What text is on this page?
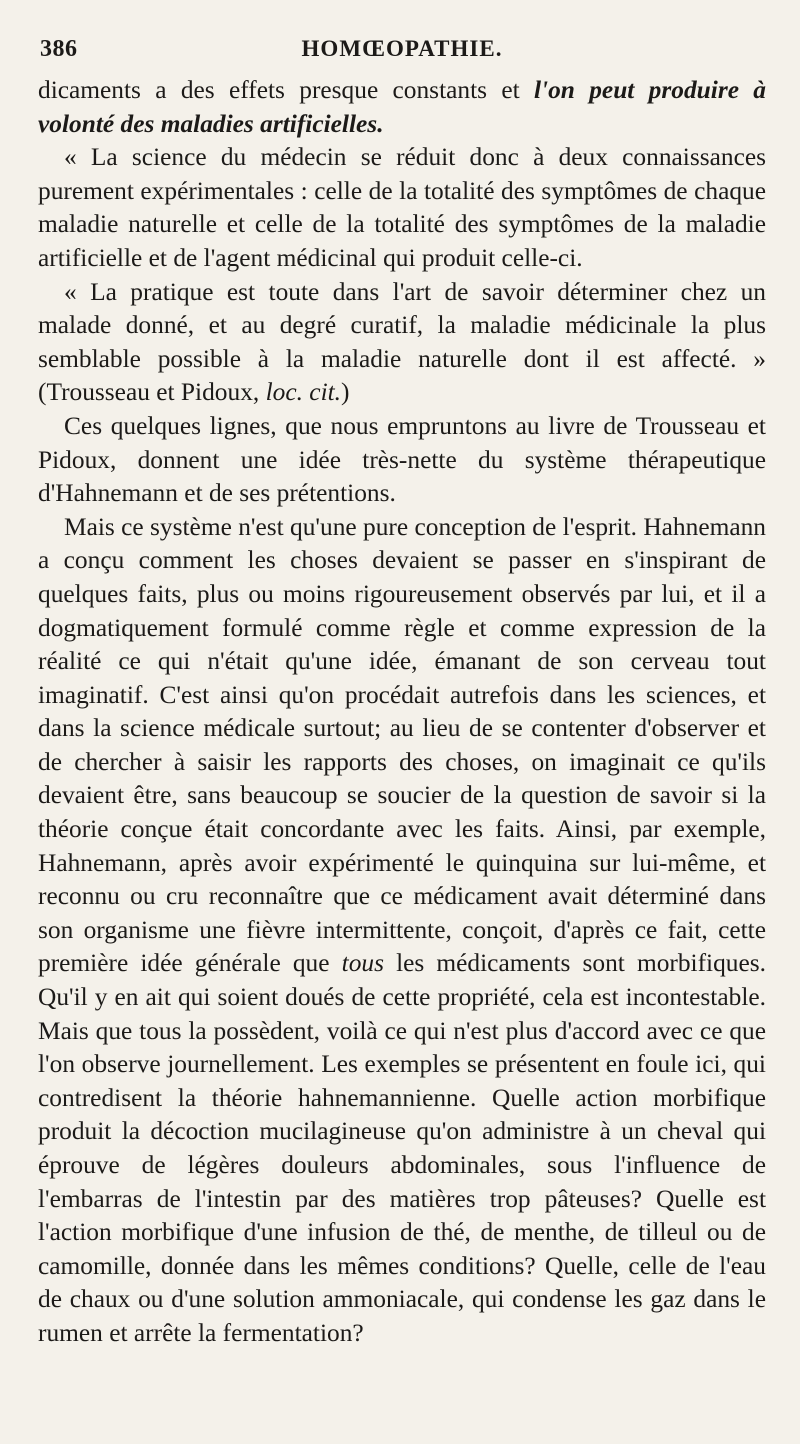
386	HOMŒOPATHIE.

dicaments a des effets presque constants et l'on peut produire à volonté des maladies artificielles.

« La science du médecin se réduit donc à deux connaissances purement expérimentales : celle de la totalité des symptômes de chaque maladie naturelle et celle de la totalité des symptômes de la maladie artificielle et de l'agent médicinal qui produit celle-ci.

« La pratique est toute dans l'art de savoir déterminer chez un malade donné, et au degré curatif, la maladie médicinale la plus semblable possible à la maladie naturelle dont il est affecté. » (Trousseau et Pidoux, loc. cit.)

Ces quelques lignes, que nous empruntons au livre de Trousseau et Pidoux, donnent une idée très-nette du système thérapeutique d'Hahnemann et de ses prétentions.

Mais ce système n'est qu'une pure conception de l'esprit. Hahnemann a conçu comment les choses devaient se passer en s'inspirant de quelques faits, plus ou moins rigoureusement observés par lui, et il a dogmatiquement formulé comme règle et comme expression de la réalité ce qui n'était qu'une idée, émanant de son cerveau tout imaginatif. C'est ainsi qu'on procédait autrefois dans les sciences, et dans la science médicale surtout; au lieu de se contenter d'observer et de chercher à saisir les rapports des choses, on imaginait ce qu'ils devaient être, sans beaucoup se soucier de la question de savoir si la théorie conçue était concordante avec les faits. Ainsi, par exemple, Hahnemann, après avoir expérimenté le quinquina sur lui-même, et reconnu ou cru reconnaître que ce médicament avait déterminé dans son organisme une fièvre intermittente, conçoit, d'après ce fait, cette première idée générale que tous les médicaments sont morbifiques. Qu'il y en ait qui soient doués de cette propriété, cela est incontestable. Mais que tous la possèdent, voilà ce qui n'est plus d'accord avec ce que l'on observe journellement. Les exemples se présentent en foule ici, qui contredisent la théorie hahnemannienne. Quelle action morbifique produit la décoction mucilagineuse qu'on administre à un cheval qui éprouve de légères douleurs abdominales, sous l'influence de l'embarras de l'intestin par des matières trop pâteuses? Quelle est l'action morbifique d'une infusion de thé, de menthe, de tilleul ou de camomille, donnée dans les mêmes conditions? Quelle, celle de l'eau de chaux ou d'une solution ammoniacale, qui condense les gaz dans le rumen et arrête la fermentation?
